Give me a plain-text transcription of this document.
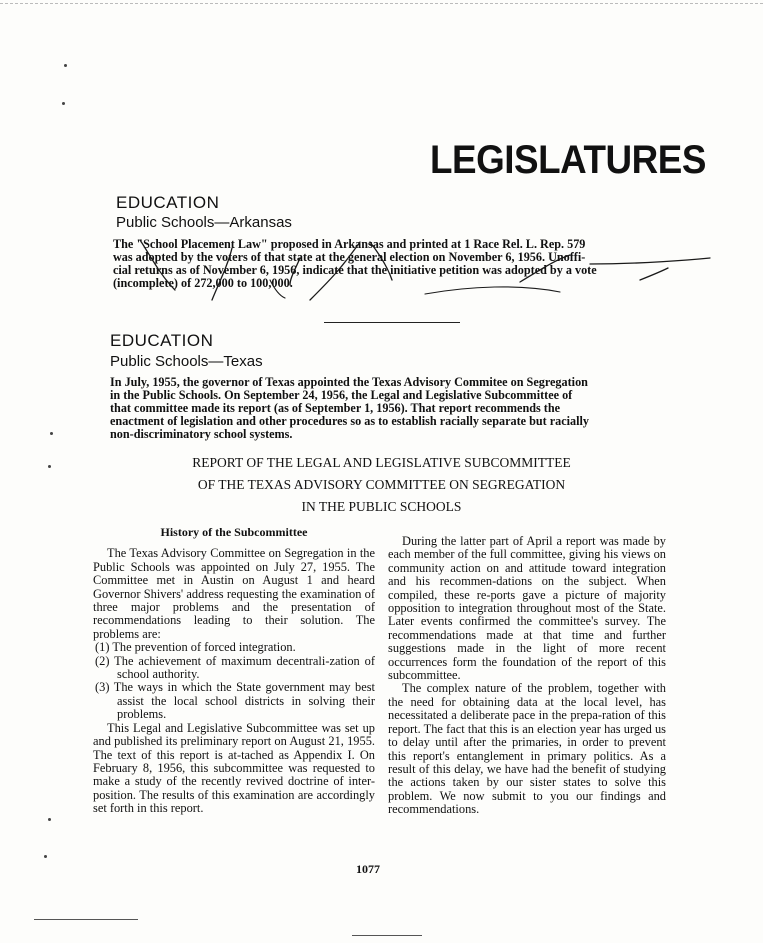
LEGISLATURES
EDUCATION
Public Schools—Arkansas
The "School Placement Law" proposed in Arkansas and printed at 1 Race Rel. L. Rep. 579
was adopted by the voters of that state at the general election on November 6, 1956. Unoffi-
cial returns as of November 6, 1956, indicate that the initiative petition was adopted by a vote
(incomplete) of 272,000 to 100,000.
EDUCATION
Public Schools—Texas
In July, 1955, the governor of Texas appointed the Texas Advisory Commitee on Segregation
in the Public Schools. On September 24, 1956, the Legal and Legislative Subcommittee of
that committee made its report (as of September 1, 1956). That report recommends the
enactment of legislation and other procedures so as to establish racially separate but racially
non-discriminatory school systems.
REPORT OF THE LEGAL AND LEGISLATIVE SUBCOMMITTEE
OF THE TEXAS ADVISORY COMMITTEE ON SEGREGATION
IN THE PUBLIC SCHOOLS
History of the Subcommittee

The Texas Advisory Committee on Segregation in the Public Schools was appointed on July 27, 1955. The Committee met in Austin on August 1 and heard Governor Shivers' address requesting the examination of three major problems and the presentation of recommendations leading to their solution. The problems are:

(1) The prevention of forced integration.
(2) The achievement of maximum decentrali-zation of school authority.
(3) The ways in which the State government may best assist the local school districts in solving their problems.

This Legal and Legislative Subcommittee was set up and published its preliminary report on August 21, 1955. The text of this report is at-tached as Appendix I. On February 8, 1956, this subcommittee was requested to make a study of the recently revived doctrine of inter-position. The results of this examination are accordingly set forth in this report.

During the latter part of April a report was made by each member of the full committee, giving his views on community action on and attitude toward integration and his recommen-dations on the subject. When compiled, these re-ports gave a picture of majority opposition to integration throughout most of the State. Later events confirmed the committee's survey. The recommendations made at that time and further suggestions made in the light of more recent occurrences form the foundation of the report of this subcommittee.

The complex nature of the problem, together with the need for obtaining data at the local level, has necessitated a deliberate pace in the prepa-ration of this report. The fact that this is an election year has urged us to delay until after the primaries, in order to prevent this report's entanglement in primary politics. As a result of this delay, we have had the benefit of studying the actions taken by our sister states to solve this problem. We now submit to you our findings and recommendations.

1077
